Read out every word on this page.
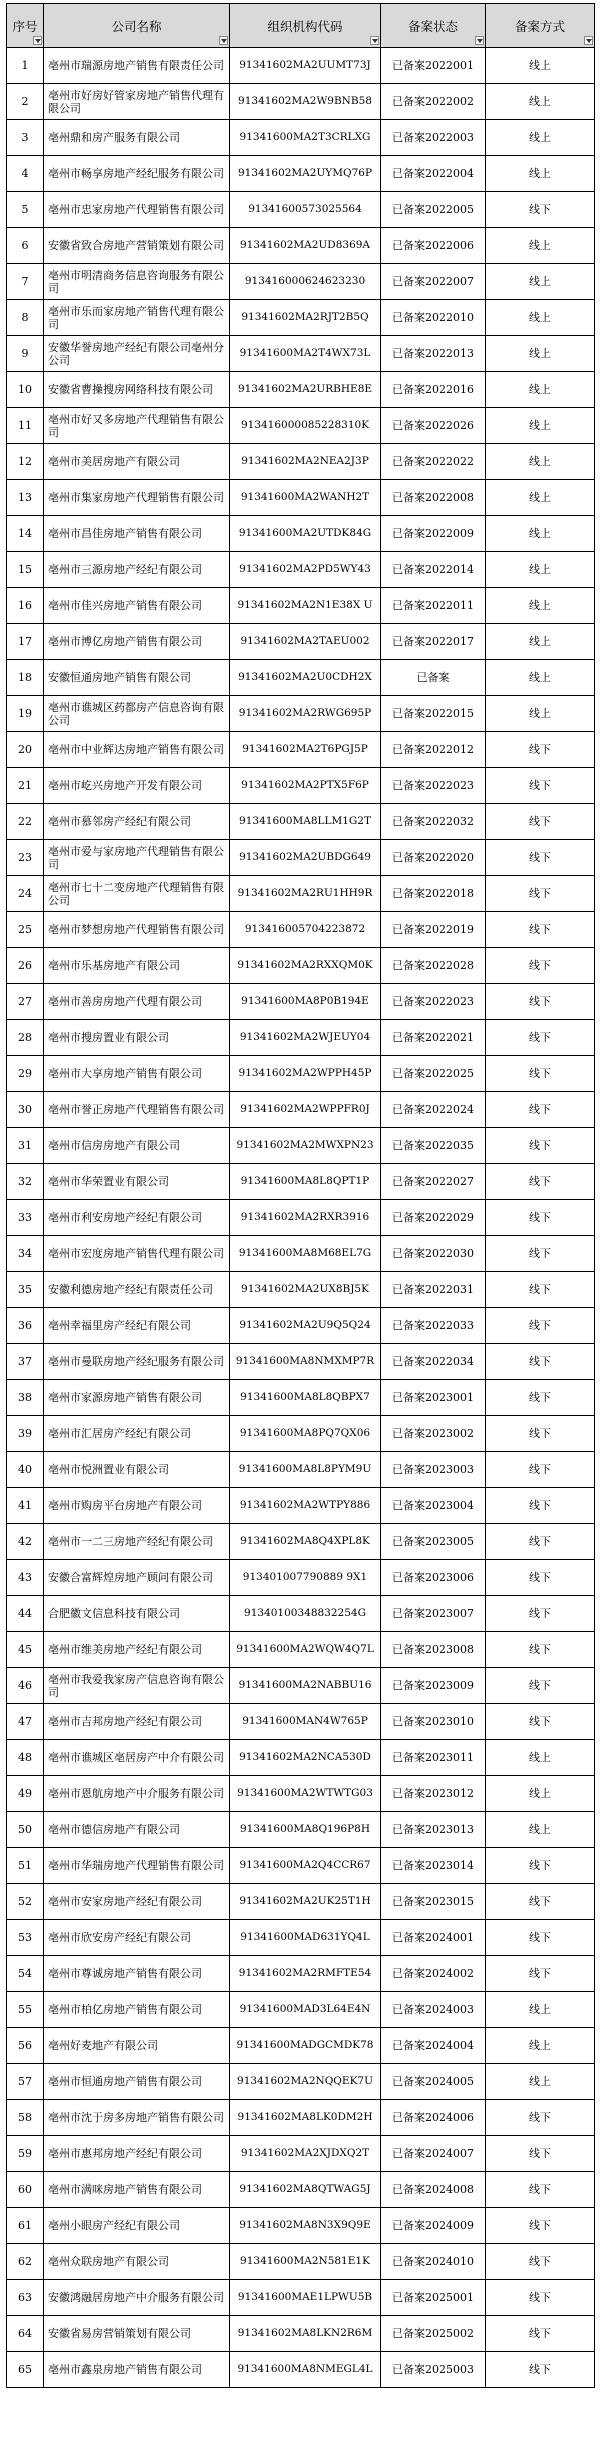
序号	公司名称	组织机构代码	备案状态	备案方式

1	亳州市瑞源房地产销售有限责任公司	91341602MA2UUMT73J	已备案2022001	线上
2	亳州市好房好管家房地产销售代理有限公司	91341602MA2W9BNB58	已备案2022002	线上
3	亳州鼎和房产服务有限公司	91341600MA2T3CRLXG	已备案2022003	线上
4	亳州市畅享房地产经纪服务有限公司	91341602MA2UYMQ76P	已备案2022004	线上
5	亳州市忠家房地产代理销售有限公司	91341600573025564	已备案2022005	线下
6	安徽省致合房地产营销策划有限公司	91341602MA2UD8369A	已备案2022006	线上
7	亳州市明清商务信息咨询服务有限公司	913416000624623230	已备案2022007	线上
8	亳州市乐而家房地产销售代理有限公司	91341602MA2RJT2B5Q	已备案2022010	线上
9	安徽华誉房地产经纪有限公司亳州分公司	91341600MA2T4WX73L	已备案2022013	线上
10	安徽省曹操搜房网络科技有限公司	91341602MA2URBHE8E	已备案2022016	线上
11	亳州市好又多房地产代理销售有限公司	913416000085228310K	已备案2022026	线上
12	亳州市美居房地产有限公司	91341602MA2NEA2J3P	已备案2022022	线上
13	亳州市集家房地产代理销售有限公司	91341600MA2WANH2T	已备案2022008	线上
14	亳州市昌佳房地产销售有限公司	91341600MA2UTDK84G	已备案2022009	线上
15	亳州市三源房地产经纪有限公司	91341602MA2PD5WY43	已备案2022014	线上
16	亳州市佳兴房地产销售有限公司	91341602MA2N1E38X U	已备案2022011	线上
17	亳州市博亿房地产销售有限公司	91341602MA2TAEU002	已备案2022017	线上
18	安徽恒通房地产销售有限公司	91341602MA2U0CDH2X	已备案	线上
19	亳州市谯城区药都房产信息咨询有限公司	91341602MA2RWG695P	已备案2022015	线上
20	亳州市中业辉达房地产销售有限公司	91341602MA2T6PGJ5P	已备案2022012	线下
21	亳州市屹兴房地产开发有限公司	91341602MA2PTX5F6P	已备案2022023	线下
22	亳州市慕邻房产经纪有限公司	91341600MA8LLM1G2T	已备案2022032	线下
23	亳州市爱与家房地产代理销售有限公司	91341602MA2UBDG649	已备案2022020	线下
24	亳州市七十二变房地产代理销售有限公司	91341602MA2RU1HH9R	已备案2022018	线下
25	亳州市梦想房地产代理销售有限公司	913416005704223872	已备案2022019	线下
26	亳州市乐基房地产有限公司	91341602MA2RXXQM0K	已备案2022028	线下
27	亳州市善房房地产代理有限公司	91341600MA8P0B194E	已备案2022023	线下
28	亳州市搜房置业有限公司	91341602MA2WJEUY04	已备案2022021	线下
29	亳州市大享房地产销售有限公司	91341602MA2WPPH45P	已备案2022025	线下
30	亳州市誉正房地产代理销售有限公司	91341602MA2WPPFR0J	已备案2022024	线下
31	亳州市信房房地产有限公司	91341602MA2MWXPN23	已备案2022035	线下
32	亳州市华荣置业有限公司	91341600MA8L8QPT1P	已备案2022027	线下
33	亳州市利安房地产经纪有限公司	91341602MA2RXR3916	已备案2022029	线下
34	亳州市宏度房地产销售代理有限公司	91341600MA8M68EL7G	已备案2022030	线下
35	安徽利德房地产经纪有限责任公司	91341602MA2UX8BJ5K	已备案2022031	线下
36	亳州幸福里房产经纪有限公司	91341602MA2U9Q5Q24	已备案2022033	线下
37	亳州市曼联房地产经纪服务有限公司	91341600MA8NMXMP7R	已备案2022034	线下
38	亳州市家源房地产销售有限公司	91341600MA8L8QBPX7	已备案2023001	线下
39	亳州市汇居房产经纪有限公司	91341600MA8PQ7QX06	已备案2023002	线下
40	亳州市悦洲置业有限公司	91341600MA8L8PYM9U	已备案2023003	线下
41	亳州市购房平台房地产有限公司	91341602MA2WTPY886	已备案2023004	线下
42	亳州市一二三房地产经纪有限公司	91341602MA8Q4XPL8K	已备案2023005	线下
43	安徽合富辉煌房地产顾问有限公司	913401007790889 9X1	已备案2023006	线下
44	合肥徽文信息科技有限公司	91340100348832254G	已备案2023007	线下
45	亳州市维美房地产经纪有限公司	91341600MA2WQW4Q7L	已备案2023008	线下
46	亳州市我爱我家房产信息咨询有限公司	91341600MA2NABBU16	已备案2023009	线下
47	亳州市吉邦房地产经纪有限公司	91341600MAN4W765P	已备案2023010	线下
48	亳州市谯城区亳居房产中介有限公司	91341602MA2NCA530D	已备案2023011	线上
49	亳州市恩航房地产中介服务有限公司	91341600MA2WTWTG03	已备案2023012	线上
50	亳州市德信房地产有限公司	91341600MA8Q196P8H	已备案2023013	线上
51	亳州市华瑞房地产代理销售有限公司	91341600MA2Q4CCR67	已备案2023014	线下
52	亳州市安家房地产经纪有限公司	91341602MA2UK25T1H	已备案2023015	线下
53	亳州市欣安房产经纪有限公司	91341600MAD631YQ4L	已备案2024001	线下
54	亳州市尊诚房地产销售有限公司	91341602MA2RMFTE54	已备案2024002	线下
55	亳州市柏亿房地产销售有限公司	91341600MAD3L64E4N	已备案2024003	线上
56	亳州好麦地产有限公司	91341600MADGCMDK78	已备案2024004	线上
57	亳州市恒通房地产销售有限公司	91341602MA2NQQEK7U	已备案2024005	线上
58	亳州市沈于房多房地产销售有限公司	91341602MA8LK0DM2H	已备案2024006	线下
59	亳州市惠邦房地产经纪有限公司	91341602MA2XJDXQ2T	已备案2024007	线下
60	亳州市满咪房地产销售有限公司	91341602MA8QTWAG5J	已备案2024008	线下
61	亳州小眼房产经纪有限公司	91341602MA8N3X9Q9E	已备案2024009	线下
62	亳州众联房地产有限公司	91341600MA2N581E1K	已备案2024010	线下
63	安徽鸿融居房地产中介服务有限公司	91341600MAE1LPWU5B	已备案2025001	线下
64	安徽省易房营销策划有限公司	91341602MA8LKN2R6M	已备案2025002	线下
65	亳州市鑫泉房地产销售有限公司	91341600MA8NMEGL4L	已备案2025003	线下
